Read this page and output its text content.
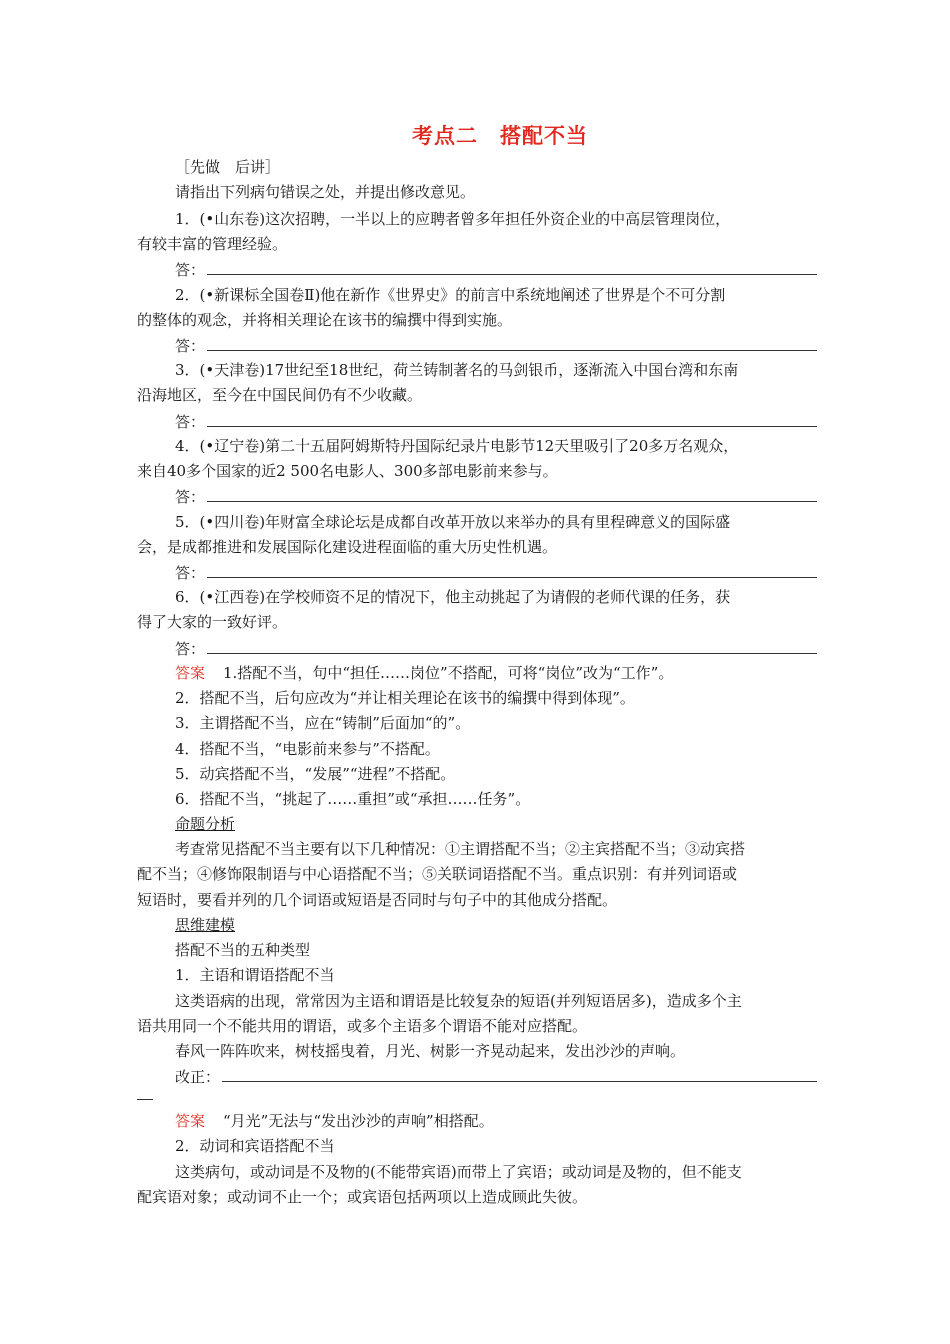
考点二 搭配不当
［先做　后讲］
请指出下列病句错误之处，并提出修改意见。
1．(•山东卷)这次招聘，一半以上的应聘者曾多年担任外资企业的中高层管理岗位，
有较丰富的管理经验。
答：
2．(•新课标全国卷Ⅱ)他在新作《世界史》的前言中系统地阐述了世界是个不可分割
的整体的观念，并将相关理论在该书的编撰中得到实施。
答：
3．(•天津卷)17世纪至18世纪，荷兰铸制著名的马剑银币，逐渐流入中国台湾和东南
沿海地区，至今在中国民间仍有不少收藏。
答：
4．(•辽宁卷)第二十五届阿姆斯特丹国际纪录片电影节12天里吸引了20多万名观众，
来自40多个国家的近2 500名电影人、300多部电影前来参与。
答：
5．(•四川卷)年财富全球论坛是成都自改革开放以来举办的具有里程碑意义的国际盛
会，是成都推进和发展国际化建设进程面临的重大历史性机遇。
答：
6．(•江西卷)在学校师资不足的情况下，他主动挑起了为请假的老师代课的任务，获
得了大家的一致好评。
答：
答案 1.搭配不当，句中“担任……岗位”不搭配，可将“岗位”改为“工作”。
2．搭配不当，后句应改为“并让相关理论在该书的编撰中得到体现”。
3．主谓搭配不当，应在“铸制”后面加“的”。
4．搭配不当，“电影前来参与”不搭配。
5．动宾搭配不当，“发展”“进程”不搭配。
6．搭配不当，“挑起了……重担”或“承担……任务”。
命题分析
考查常见搭配不当主要有以下几种情况：①主谓搭配不当；②主宾搭配不当；③动宾搭
配不当；④修饰限制语与中心语搭配不当；⑤关联词语搭配不当。重点识别：有并列词语或
短语时，要看并列的几个词语或短语是否同时与句子中的其他成分搭配。
思维建模
搭配不当的五种类型
1．主语和谓语搭配不当
这类语病的出现，常常因为主语和谓语是比较复杂的短语(并列短语居多)，造成多个主
语共用同一个不能共用的谓语，或多个主语多个谓语不能对应搭配。
春风一阵阵吹来，树枝摇曳着，月光、树影一齐晃动起来，发出沙沙的声响。
改正：
答案 “月光”无法与“发出沙沙的声响”相搭配。
2．动词和宾语搭配不当
这类病句，或动词是不及物的(不能带宾语)而带上了宾语；或动词是及物的，但不能支
配宾语对象；或动词不止一个；或宾语包括两项以上造成顾此失彼。
